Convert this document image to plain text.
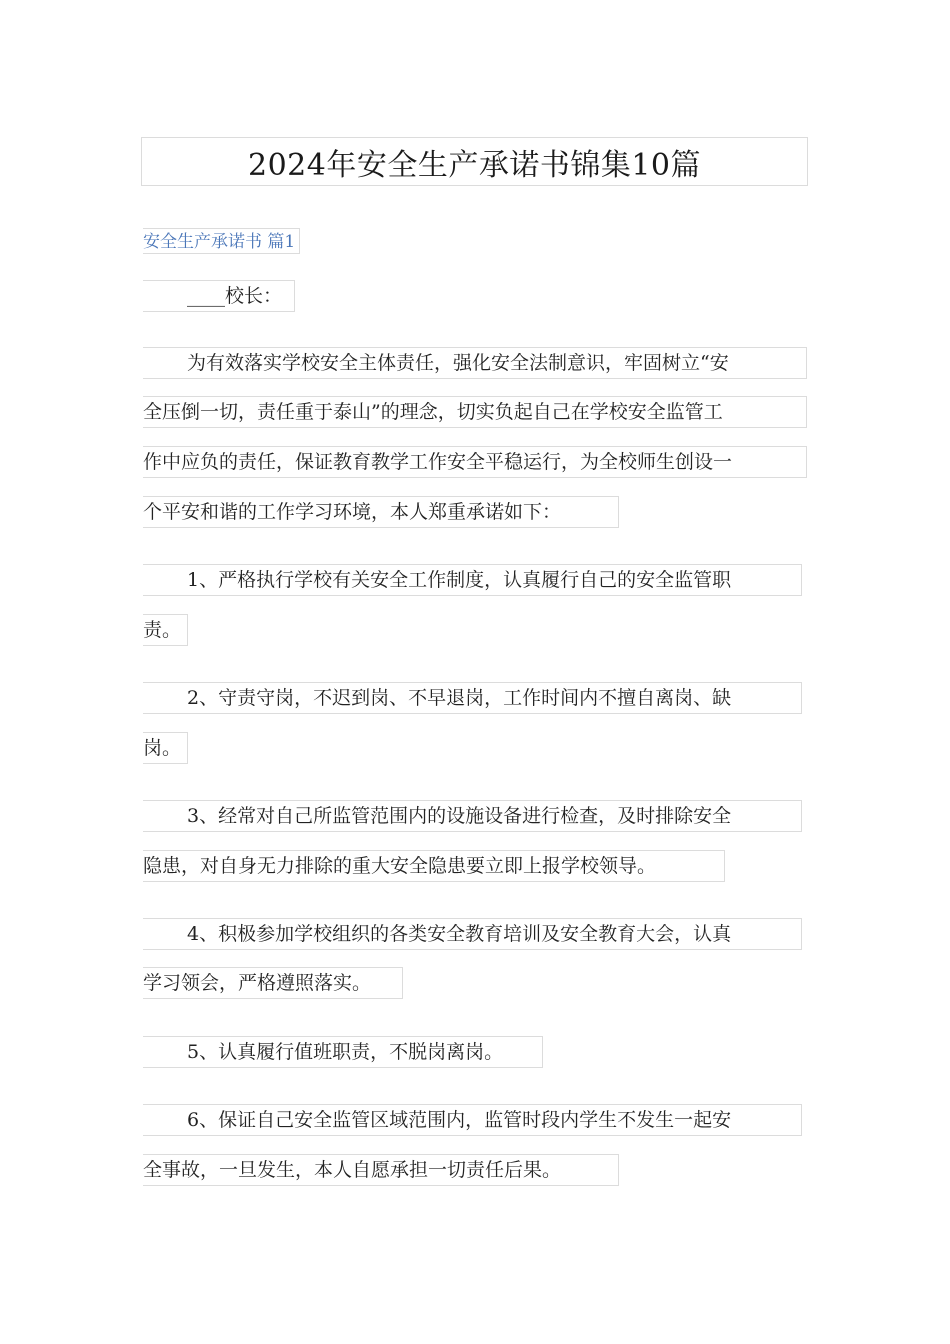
2024年安全生产承诺书锦集10篇
安全生产承诺书 篇1
____校长：
为有效落实学校安全主体责任，强化安全法制意识，牢固树立“安
全压倒一切，责任重于泰山”的理念，切实负起自己在学校安全监管工
作中应负的责任，保证教育教学工作安全平稳运行，为全校师生创设一
个平安和谐的工作学习环境，本人郑重承诺如下：
1、严格执行学校有关安全工作制度，认真履行自己的安全监管职
责。
2、守责守岗，不迟到岗、不早退岗，工作时间内不擅自离岗、缺
岗。
3、经常对自己所监管范围内的设施设备进行检查，及时排除安全
隐患，对自身无力排除的重大安全隐患要立即上报学校领导。
4、积极参加学校组织的各类安全教育培训及安全教育大会，认真
学习领会，严格遵照落实。
5、认真履行值班职责，不脱岗离岗。
6、保证自己安全监管区域范围内，监管时段内学生不发生一起安
全事故，一旦发生，本人自愿承担一切责任后果。
